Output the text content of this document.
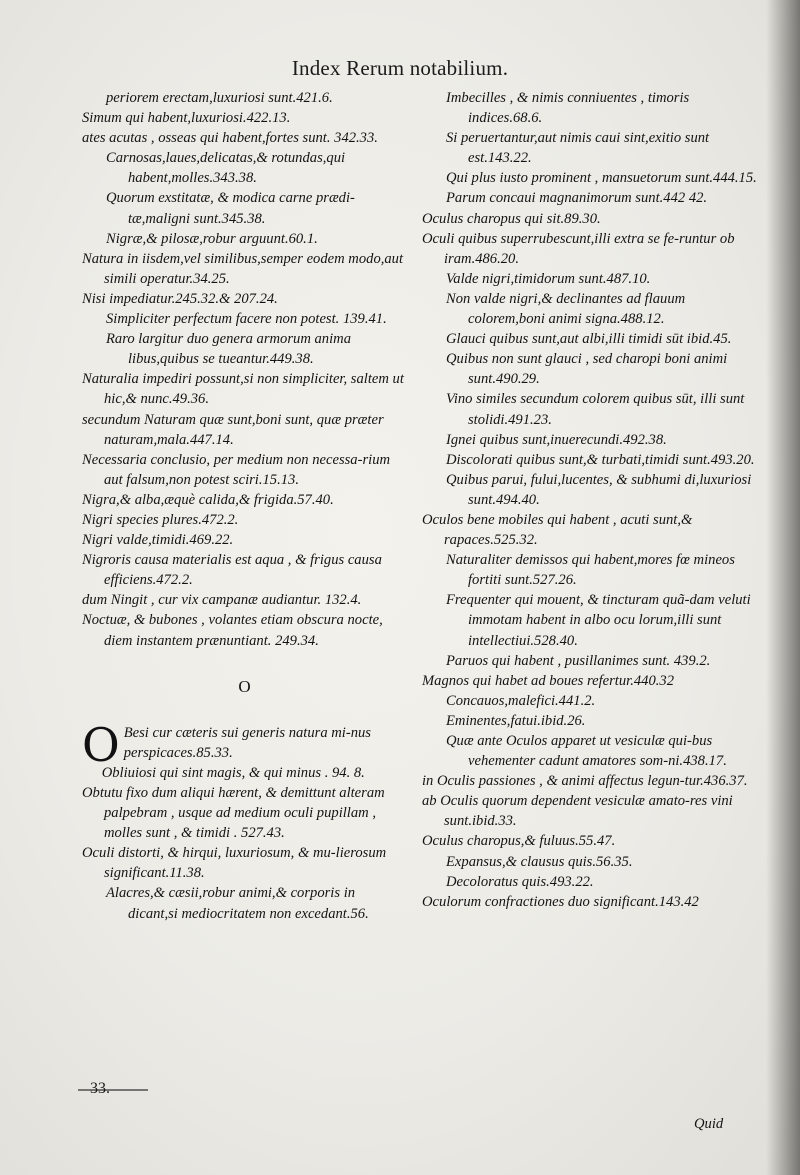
Index Rerum notabilium.

periorem erectam,luxuriosi sunt.421.6.

Simum qui habent,luxuriosi.422.13.

ates acutas , osseas qui habent,fortes sunt. 342.33.

Carnosas,laues,delicatas,& rotundas,qui habent,molles.343.38.

Quorum exstitatæ, & modica carne prædi-tæ,maligni sunt.345.38.

Nigræ,& pilosæ,robur arguunt.60.1.

Natura in iisdem,vel similibus,semper eodem modo,aut simili operatur.34.25.

Nisi impediatur.245.32.& 207.24.

Simpliciter perfectum facere non potest. 139.41.

Raro largitur duo genera armorum anima libus,quibus se tueantur.449.38.

Naturalia impediri possunt,si non simpliciter, saltem ut hic,& nunc.49.36.

secundum Naturam quæ sunt,boni sunt, quæ præter naturam,mala.447.14.

Necessaria conclusio, per medium non necessa-rium aut falsum,non potest sciri.15.13.

Nigra,& alba,æquè calida,& frigida.57.40.

Nigri species plures.472.2.

Nigri valde,timidi.469.22.

Nigroris causa materialis est aqua , & frigus causa efficiens.472.2.

dum Ningit , cur vix campanæ audiantur. 132.4.

Noctuæ, & bubones , volantes etiam obscura nocte, diem instantem prænuntiant. 249.34.

O

O Besi cur cæteris sui generis natura mi-nus perspicaces.85.33.

Obliuiosi qui sint magis, & qui minus . 94. 8.

Obtutu fixo dum aliqui hærent, & demittunt alteram palpebram , usque ad medium oculi pupillam , molles sunt , & timidi . 527.43.

Oculi distorti, & hirqui, luxuriosum, & mu-lierosum significant.11.38.

Alacres,& cæsii,robur animi,& corporis in dicant,si mediocritatem non excedant.56.

Imbecilles , & nimis conniuentes , timoris indices.68.6.

Si peruertantur,aut nimis caui sint,exitio sunt est.143.22.

Qui plus iusto prominent , mansuetorum sunt.444.15.

Parum concaui magnanimorum sunt.442 42.

Oculus charopus qui sit.89.30.

Oculi quibus superrubescunt,illi extra se fe-runtur ob iram.486.20.

Valde nigri,timidorum sunt.487.10.

Non valde nigri,& declinantes ad flauum colorem,boni animi signa.488.12.

Glauci quibus sunt,aut albi,illi timidi sūt ibid.45.

Quibus non sunt glauci , sed charopi boni animi sunt.490.29.

Vino similes secundum colorem quibus sūt, illi sunt stolidi.491.23.

Ignei quibus sunt,inuerecundi.492.38.

Discolorati quibus sunt,& turbati,timidi sunt.493.20.

Quibus parui, fului,lucentes, & subhumi di,luxuriosi sunt.494.40.

Oculos bene mobiles qui habent , acuti sunt,& rapaces.525.32.

Naturaliter demissos qui habent,mores fœ mineos fortiti sunt.527.26.

Frequenter qui mouent, & tincturam quã-dam veluti immotam habent in albo ocu lorum,illi sunt intellectiui.528.40.

Paruos qui habent , pusillanimes sunt. 439.2.

Magnos qui habet ad boues refertur.440.32

Concauos,malefici.441.2.

Eminentes,fatui.ibid.26.

Quæ ante Oculos apparet ut vesiculæ qui-bus vehementer cadunt amatores som-ni.438.17.

in Oculis passiones , & animi affectus legun-tur.436.37.

ab Oculis quorum dependent vesiculæ amato-res vini sunt.ibid.33.

Oculus charopus,& fuluus.55.47.

Expansus,& clausus quis.56.35.

Decoloratus quis.493.22.

Oculorum confractiones duo significant.143.42

33.
Quid
